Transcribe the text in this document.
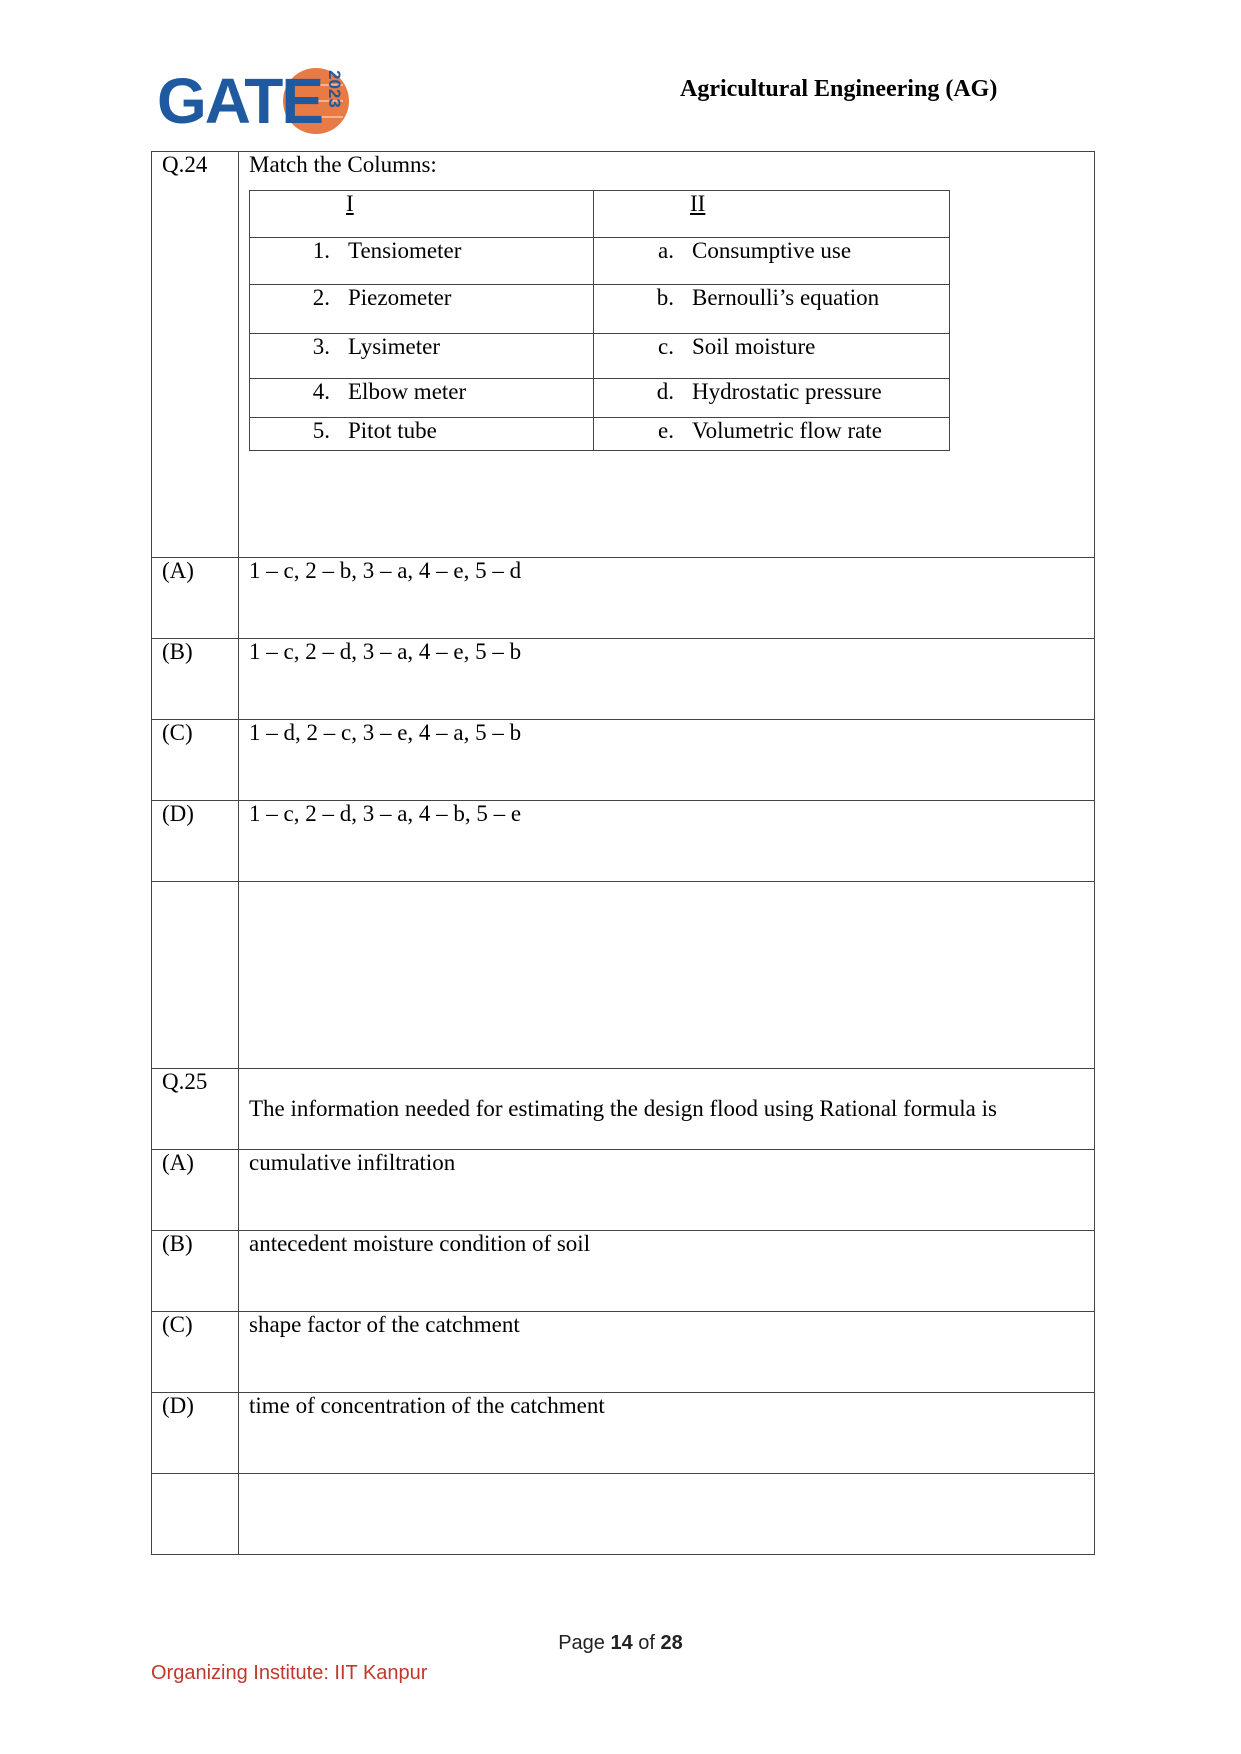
GATE 2023	Agricultural Engineering (AG)
Q.24	Match the Columns:
I	II

1. Tensiometer	a. Consumptive use

2. Piezometer	b. Bernoulli’s equation

3. Lysimeter	c. Soil moisture

4. Elbow meter	d. Hydrostatic pressure

5. Pitot tube	e. Volumetric flow rate

(A)	1 – c, 2 – b, 3 – a, 4 – e, 5 – d
(B)	1 – c, 2 – d, 3 – a, 4 – e, 5 – b
(C)	1 – d, 2 – c, 3 – e, 4 – a, 5 – b
(D)	1 – c, 2 – d, 3 – a, 4 – b, 5 – e

Q.25	The information needed for estimating the design flood using Rational formula is
(A)	cumulative infiltration
(B)	antecedent moisture condition of soil
(C)	shape factor of the catchment
(D)	time of concentration of the catchment

Page 14 of 28
Organizing Institute: IIT Kanpur
